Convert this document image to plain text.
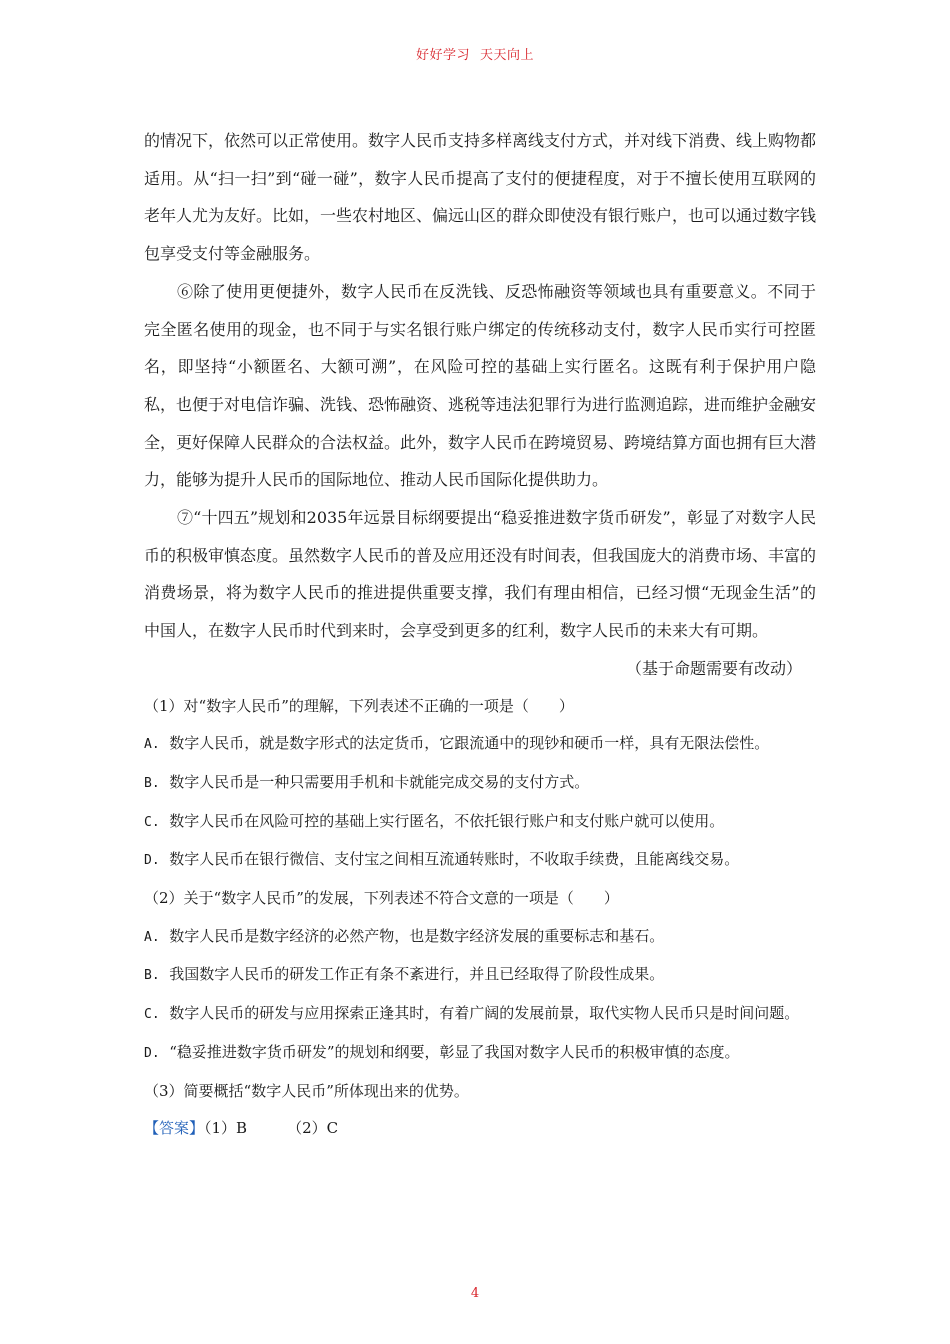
好好学习 天天向上

的情况下，依然可以正常使用。数字人民币支持多样离线支付方式，并对线下消费、线上购物都适用。从“扫一扫”到“碰一碰”，数字人民币提高了支付的便捷程度，对于不擅长使用互联网的老年人尤为友好。比如，一些农村地区、偏远山区的群众即使没有银行账户，也可以通过数字钱包享受支付等金融服务。

⑥除了使用更便捷外，数字人民币在反洗钱、反恐怖融资等领域也具有重要意义。不同于完全匿名使用的现金，也不同于与实名银行账户绑定的传统移动支付，数字人民币实行可控匿名，即坚持“小额匿名、大额可溯”，在风险可控的基础上实行匿名。这既有利于保护用户隐私，也便于对电信诈骗、洗钱、恐怖融资、逃税等违法犯罪行为进行监测追踪，进而维护金融安全，更好保障人民群众的合法权益。此外，数字人民币在跨境贸易、跨境结算方面也拥有巨大潜力，能够为提升人民币的国际地位、推动人民币国际化提供助力。

⑦“十四五”规划和2035年远景目标纲要提出“稳妥推进数字货币研发”，彰显了对数字人民币的积极审慎态度。虽然数字人民币的普及应用还没有时间表，但我国庞大的消费市场、丰富的消费场景，将为数字人民币的推进提供重要支撑，我们有理由相信，已经习惯“无现金生活”的中国人，在数字人民币时代到来时，会享受到更多的红利，数字人民币的未来大有可期。

（基于命题需要有改动）

（1）对“数字人民币”的理解，下列表述不正确的一项是（　　）

A. 数字人民币，就是数字形式的法定货币，它跟流通中的现钞和硬币一样，具有无限法偿性。

B. 数字人民币是一种只需要用手机和卡就能完成交易的支付方式。

C. 数字人民币在风险可控的基础上实行匿名，不依托银行账户和支付账户就可以使用。

D. 数字人民币在银行微信、支付宝之间相互流通转账时，不收取手续费，且能离线交易。

（2）关于“数字人民币”的发展，下列表述不符合文意的一项是（　　）

A. 数字人民币是数字经济的必然产物，也是数字经济发展的重要标志和基石。

B. 我国数字人民币的研发工作正有条不紊进行，并且已经取得了阶段性成果。

C. 数字人民币的研发与应用探索正逢其时，有着广阔的发展前景，取代实物人民币只是时间问题。

D. “稳妥推进数字货币研发”的规划和纲要，彰显了我国对数字人民币的积极审慎的态度。

（3）简要概括“数字人民币”所体现出来的优势。

【答案】（1）B	（2）C

4
